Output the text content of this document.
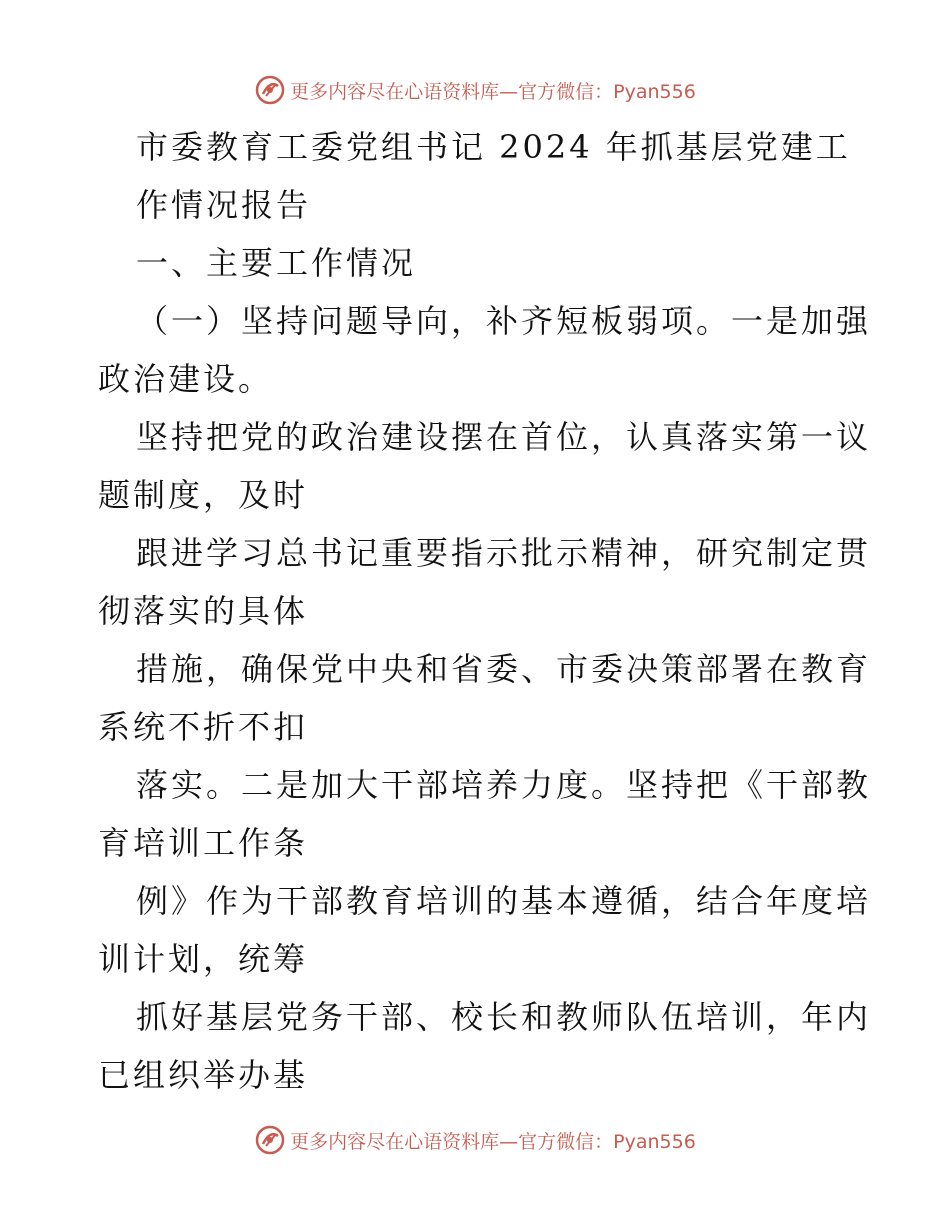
更多内容尽在心语资料库—官方微信：Pyan556
市委教育工委党组书记 2024 年抓基层党建工
作情况报告
一、主要工作情况
（一）坚持问题导向，补齐短板弱项。一是加强
政治建设。
坚持把党的政治建设摆在首位，认真落实第一议
题制度，及时
跟进学习总书记重要指示批示精神，研究制定贯
彻落实的具体
措施，确保党中央和省委、市委决策部署在教育
系统不折不扣
落实。二是加大干部培养力度。坚持把《干部教
育培训工作条
例》作为干部教育培训的基本遵循，结合年度培
训计划，统筹
抓好基层党务干部、校长和教师队伍培训，年内
已组织举办基
更多内容尽在心语资料库—官方微信：Pyan556
